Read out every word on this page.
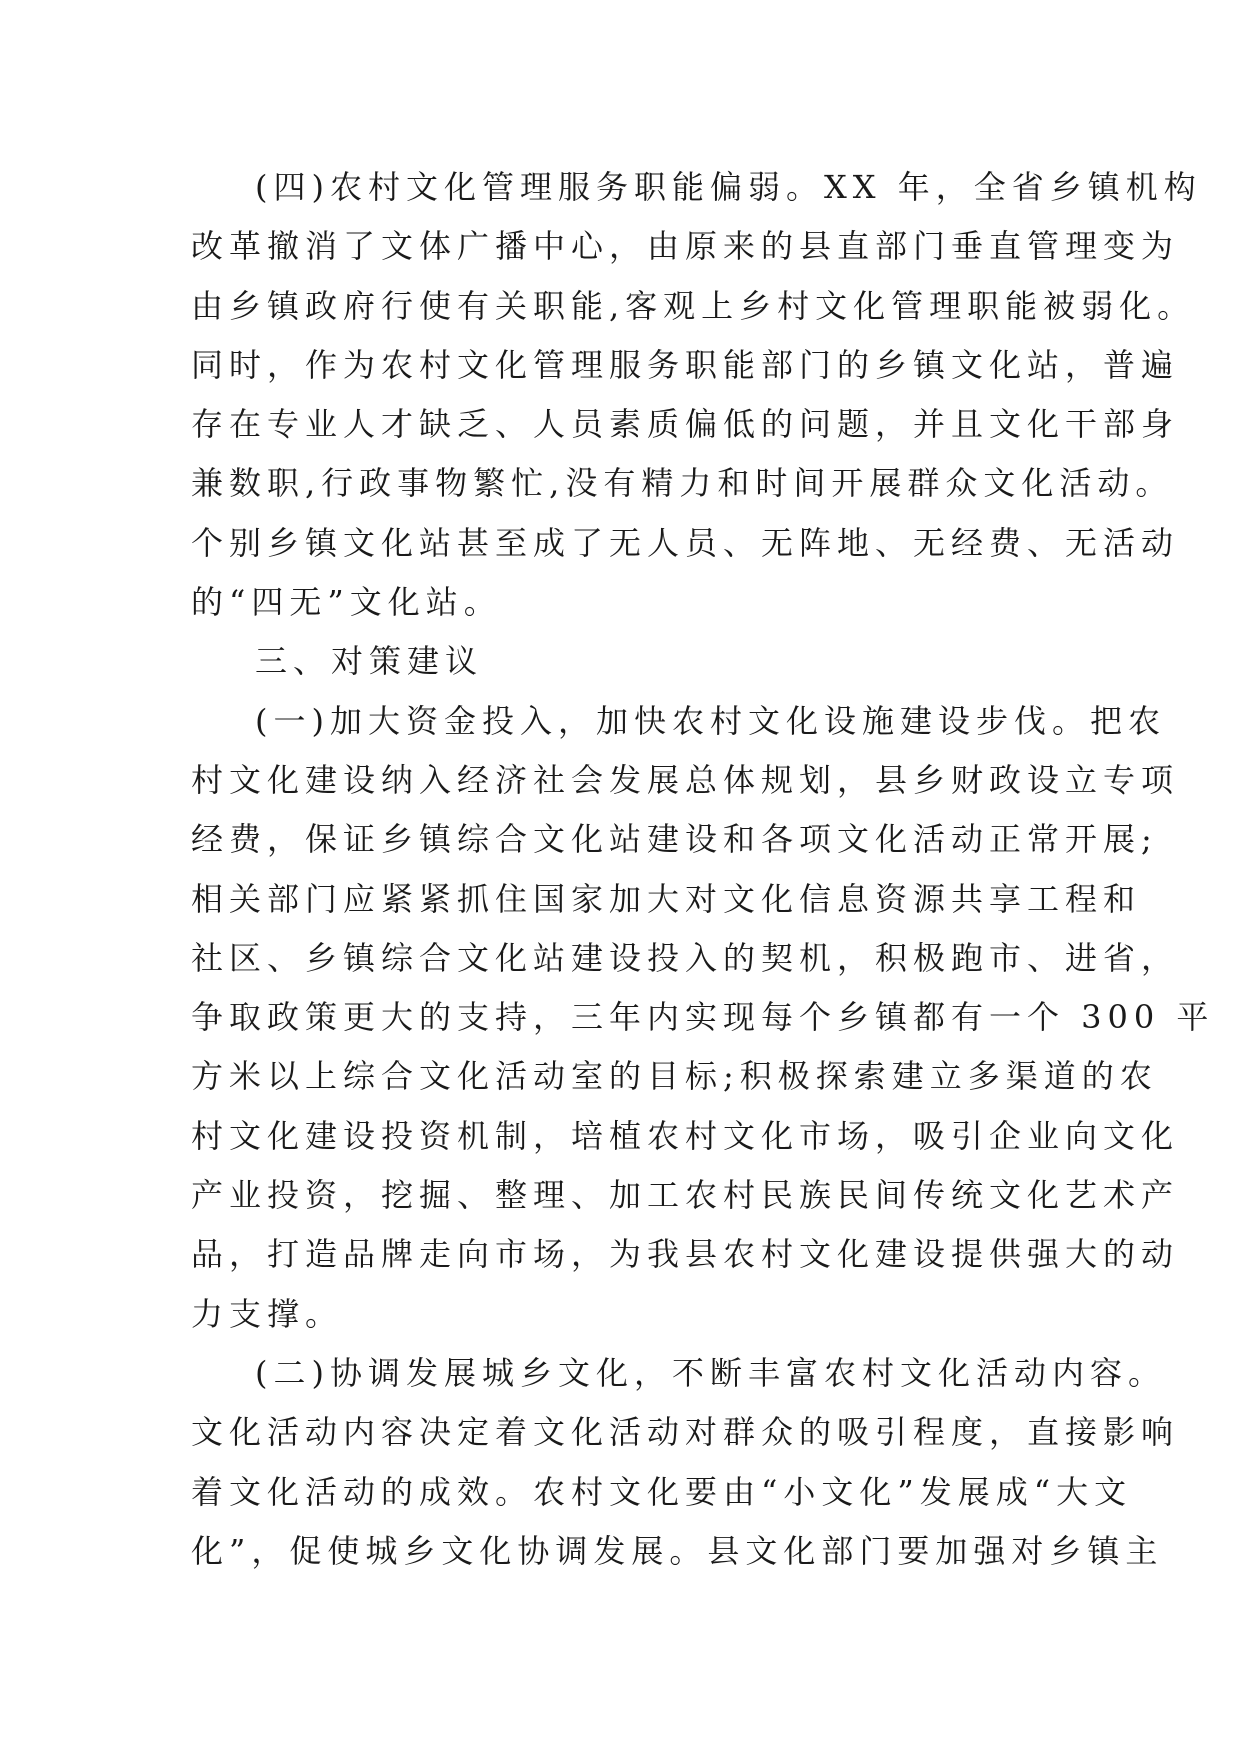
(四)农村文化管理服务职能偏弱。XX 年，全省乡镇机构
改革撤消了文体广播中心，由原来的县直部门垂直管理变为
由乡镇政府行使有关职能,客观上乡村文化管理职能被弱化。
同时，作为农村文化管理服务职能部门的乡镇文化站，普遍
存在专业人才缺乏、人员素质偏低的问题，并且文化干部身
兼数职,行政事物繁忙,没有精力和时间开展群众文化活动。
个别乡镇文化站甚至成了无人员、无阵地、无经费、无活动
的“四无”文化站。
三、对策建议
(一)加大资金投入，加快农村文化设施建设步伐。把农
村文化建设纳入经济社会发展总体规划，县乡财政设立专项
经费，保证乡镇综合文化站建设和各项文化活动正常开展;
相关部门应紧紧抓住国家加大对文化信息资源共享工程和
社区、乡镇综合文化站建设投入的契机，积极跑市、进省，
争取政策更大的支持，三年内实现每个乡镇都有一个 300 平
方米以上综合文化活动室的目标;积极探索建立多渠道的农
村文化建设投资机制，培植农村文化市场，吸引企业向文化
产业投资，挖掘、整理、加工农村民族民间传统文化艺术产
品，打造品牌走向市场，为我县农村文化建设提供强大的动
力支撑。
(二)协调发展城乡文化，不断丰富农村文化活动内容。
文化活动内容决定着文化活动对群众的吸引程度，直接影响
着文化活动的成效。农村文化要由“小文化”发展成“大文
化”，促使城乡文化协调发展。县文化部门要加强对乡镇主
